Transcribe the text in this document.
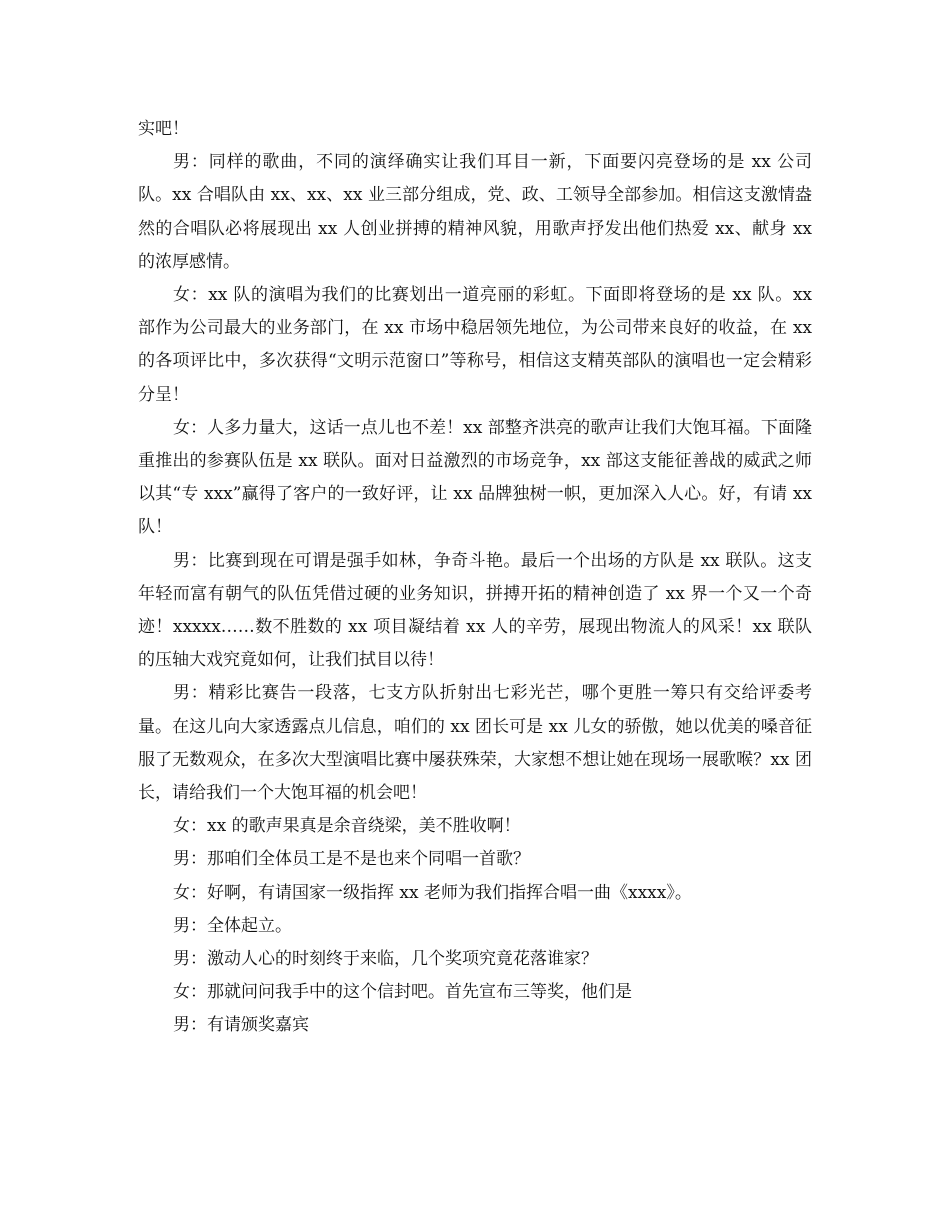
实吧！

男：同样的歌曲，不同的演绎确实让我们耳目一新，下面要闪亮登场的是 xx 公司队。xx 合唱队由 xx、xx、xx 业三部分组成，党、政、工领导全部参加。相信这支激情盎然的合唱队必将展现出 xx 人创业拼搏的精神风貌，用歌声抒发出他们热爱 xx、献身 xx 的浓厚感情。

女：xx 队的演唱为我们的比赛划出一道亮丽的彩虹。下面即将登场的是 xx 队。xx 部作为公司最大的业务部门，在 xx 市场中稳居领先地位，为公司带来良好的收益，在 xx 的各项评比中，多次获得“文明示范窗口”等称号，相信这支精英部队的演唱也一定会精彩分呈！

女：人多力量大，这话一点儿也不差！xx 部整齐洪亮的歌声让我们大饱耳福。下面隆重推出的参赛队伍是 xx 联队。面对日益激烈的市场竞争，xx 部这支能征善战的威武之师以其“专 xxx”赢得了客户的一致好评，让 xx 品牌独树一帜，更加深入人心。好，有请 xx 队！

男：比赛到现在可谓是强手如林，争奇斗艳。最后一个出场的方队是 xx 联队。这支年轻而富有朝气的队伍凭借过硬的业务知识，拼搏开拓的精神创造了 xx 界一个又一个奇迹！xxxxx……数不胜数的 xx 项目凝结着 xx 人的辛劳，展现出物流人的风采！xx 联队的压轴大戏究竟如何，让我们拭目以待！

男：精彩比赛告一段落，七支方队折射出七彩光芒，哪个更胜一筹只有交给评委考量。在这儿向大家透露点儿信息，咱们的 xx 团长可是 xx 儿女的骄傲，她以优美的嗓音征服了无数观众，在多次大型演唱比赛中屡获殊荣，大家想不想让她在现场一展歌喉？xx 团长，请给我们一个大饱耳福的机会吧！

女：xx 的歌声果真是余音绕梁，美不胜收啊！

男：那咱们全体员工是不是也来个同唱一首歌？

女：好啊，有请国家一级指挥 xx 老师为我们指挥合唱一曲《xxxx》。

男：全体起立。

男：激动人心的时刻终于来临，几个奖项究竟花落谁家？

女：那就问问我手中的这个信封吧。首先宣布三等奖，他们是

男：有请颁奖嘉宾
